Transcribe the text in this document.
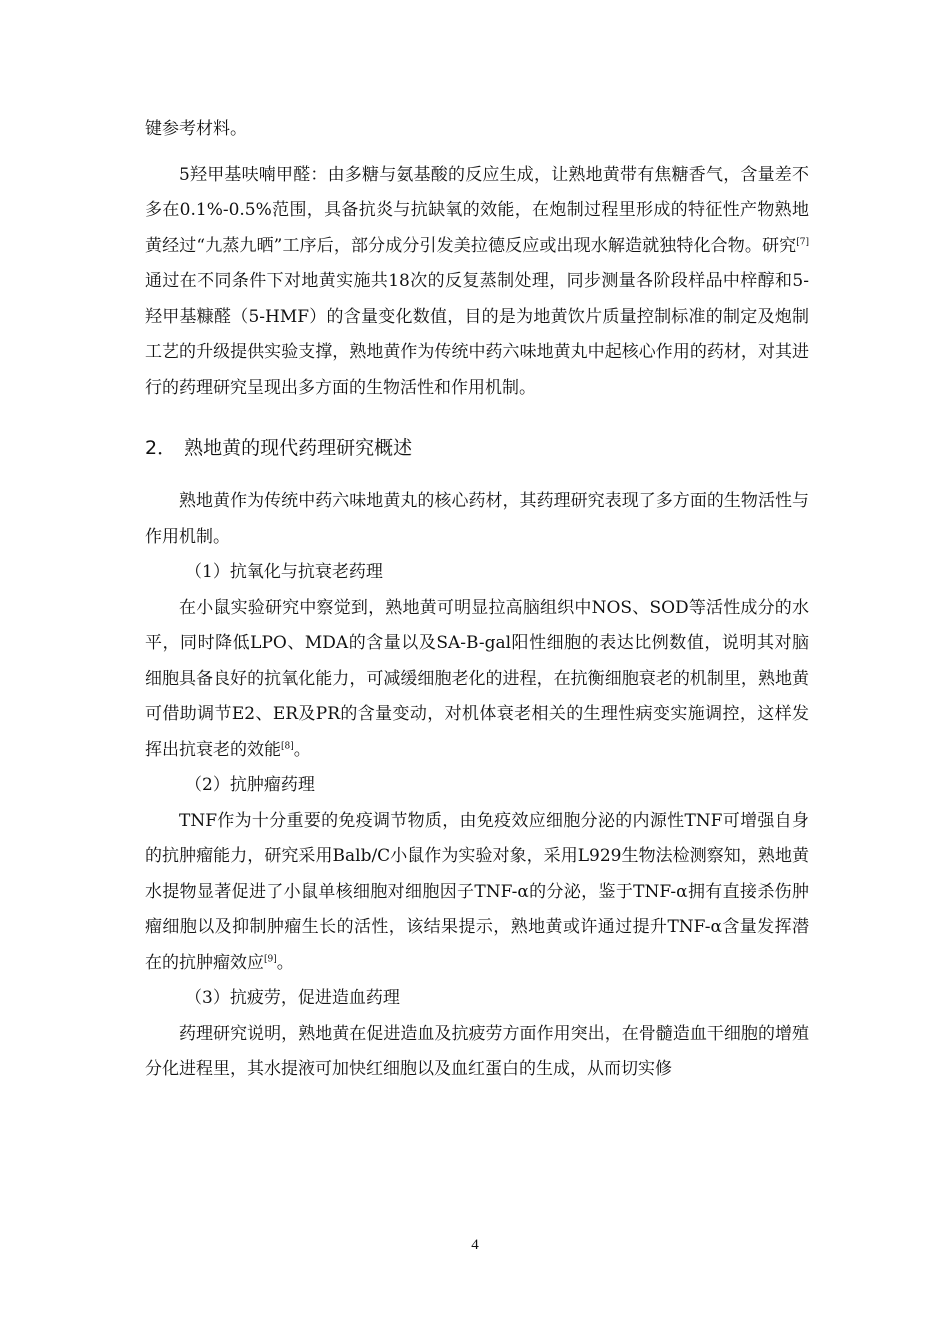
键参考材料。

5羟甲基呋喃甲醛：由多糖与氨基酸的反应生成，让熟地黄带有焦糖香气，含量差不多在0.1%-0.5%范围，具备抗炎与抗缺氧的效能，在炮制过程里形成的特征性产物熟地黄经过“九蒸九晒”工序后，部分成分引发美拉德反应或出现水解造就独特化合物。研究[7]通过在不同条件下对地黄实施共18次的反复蒸制处理，同步测量各阶段样品中梓醇和5-羟甲基糠醛（5-HMF）的含量变化数值，目的是为地黄饮片质量控制标准的制定及炮制工艺的升级提供实验支撑，熟地黄作为传统中药六味地黄丸中起核心作用的药材，对其进行的药理研究呈现出多方面的生物活性和作用机制。

2． 熟地黄的现代药理研究概述

熟地黄作为传统中药六味地黄丸的核心药材，其药理研究表现了多方面的生物活性与作用机制。

（1）抗氧化与抗衰老药理

在小鼠实验研究中察觉到，熟地黄可明显拉高脑组织中NOS、SOD等活性成分的水平，同时降低LPO、MDA的含量以及SA-B-gal阳性细胞的表达比例数值，说明其对脑细胞具备良好的抗氧化能力，可减缓细胞老化的进程，在抗衡细胞衰老的机制里，熟地黄可借助调节E2、ER及PR的含量变动，对机体衰老相关的生理性病变实施调控，这样发挥出抗衰老的效能[8]。

（2）抗肿瘤药理

TNF作为十分重要的免疫调节物质，由免疫效应细胞分泌的内源性TNF可增强自身的抗肿瘤能力，研究采用Balb/C小鼠作为实验对象，采用L929生物法检测察知，熟地黄水提物显著促进了小鼠单核细胞对细胞因子TNF-α的分泌，鉴于TNF-α拥有直接杀伤肿瘤细胞以及抑制肿瘤生长的活性，该结果提示，熟地黄或许通过提升TNF-α含量发挥潜在的抗肿瘤效应[9]。

（3）抗疲劳，促进造血药理

药理研究说明，熟地黄在促进造血及抗疲劳方面作用突出，在骨髓造血干细胞的增殖分化进程里，其水提液可加快红细胞以及血红蛋白的生成，从而切实修

4
